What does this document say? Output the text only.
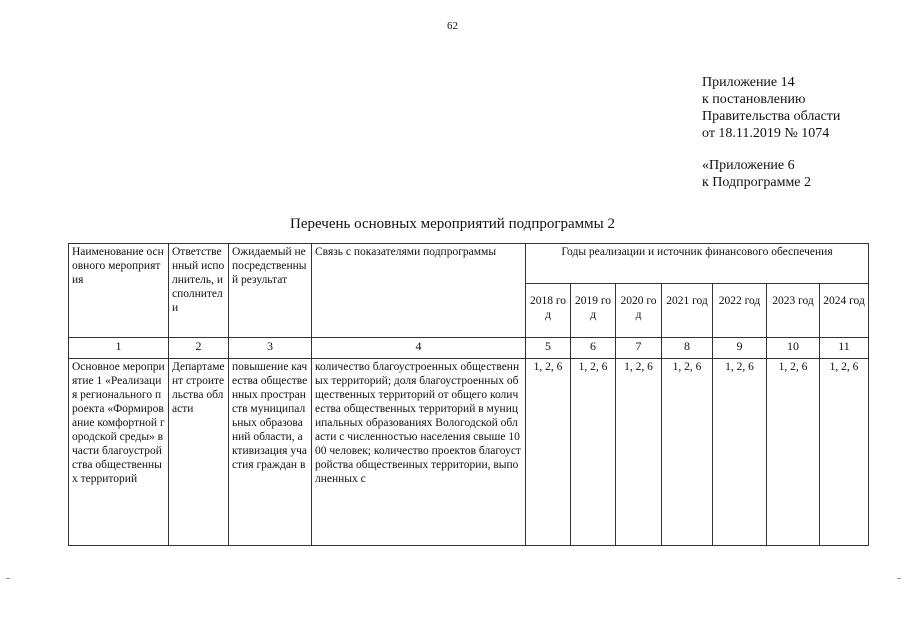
62
Приложение 14
к постановлению
Правительства области
от 18.11.2019 № 1074
«Приложение 6
к Подпрограмме 2
Перечень основных мероприятий подпрограммы 2
Наименование основного мероприятия	Ответственный исполнитель, исполнители	Ожидаемый непосредственный результат	Связь с показателями подпрограммы	Годы реализации и источник финансового обеспечения						
				2018 год	2019 год	2020 год	2021 год	2022 год	2023 год	2024 год
1	2	3	4	5	6	7	8	9	10	11
Основное мероприятие 1 «Реализация регионального проекта «Формирование комфортной городской среды» в части благоустройства общественных территорий	Департамент строительства области	повышение качества общественных пространств муниципальных образований области, активизация участия граждан в	количество благоустроенных общественных территорий; доля благоустроенных общественных территорий от общего количества общественных территорий в муниципальных образованиях Вологодской области с численностью населения свыше 1000 человек; количество проектов благоустройства общественных территории, выполненных с	1, 2, 6	1, 2, 6	1, 2, 6	1, 2, 6	1, 2, 6	1, 2, 6	1, 2, 6
